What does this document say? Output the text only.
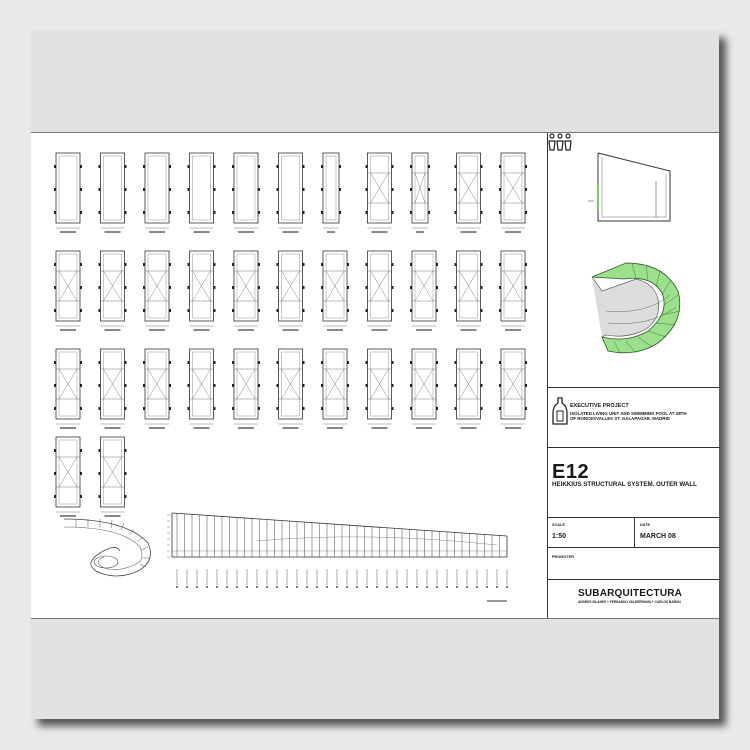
EXECUTIVE PROJECT
ISOLATED LIVING UNIT AND SWIMMING POOL AT 28TH OF RONCESVALLES ST. GALAPAGAR. MADRID
E12
HEIKKIUS STRUCTURAL SYSTEM. OUTER WALL
SCALE
1:50
DATE
MARCH 08
PROMOTER
SUBARQUITECTURA
ANDRES SILANES + FERNANDO VALDERRAMA + CARLOS BAÑON
